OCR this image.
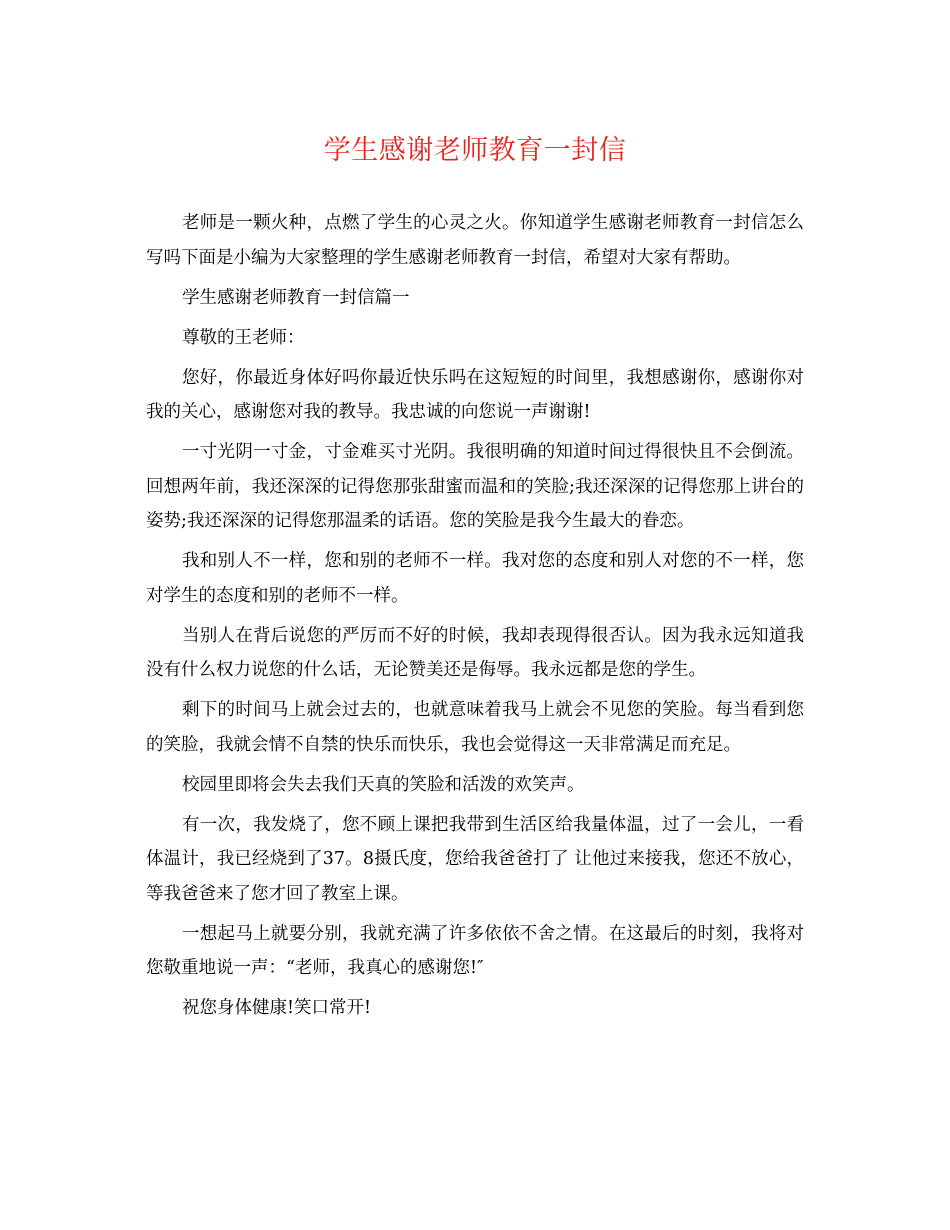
学生感谢老师教育一封信

老师是一颗火种，点燃了学生的心灵之火。你知道学生感谢老师教育一封信怎么写吗下面是小编为大家整理的学生感谢老师教育一封信，希望对大家有帮助。

学生感谢老师教育一封信篇一

尊敬的王老师：

您好，你最近身体好吗你最近快乐吗在这短短的时间里，我想感谢你，感谢你对我的关心，感谢您对我的教导。我忠诚的向您说一声谢谢!

一寸光阴一寸金，寸金难买寸光阴。我很明确的知道时间过得很快且不会倒流。回想两年前，我还深深的记得您那张甜蜜而温和的笑脸;我还深深的记得您那上讲台的姿势;我还深深的记得您那温柔的话语。您的笑脸是我今生最大的眷恋。

我和别人不一样，您和别的老师不一样。我对您的态度和别人对您的不一样，您对学生的态度和别的老师不一样。

当别人在背后说您的严厉而不好的时候，我却表现得很否认。因为我永远知道我没有什么权力说您的什么话，无论赞美还是侮辱。我永远都是您的学生。

剩下的时间马上就会过去的，也就意味着我马上就会不见您的笑脸。每当看到您的笑脸，我就会情不自禁的快乐而快乐，我也会觉得这一天非常满足而充足。

校园里即将会失去我们天真的笑脸和活泼的欢笑声。

有一次，我发烧了，您不顾上课把我带到生活区给我量体温，过了一会儿，一看体温计，我已经烧到了37。8摄氏度，您给我爸爸打了 让他过来接我，您还不放心，等我爸爸来了您才回了教室上课。

一想起马上就要分别，我就充满了许多依依不舍之情。在这最后的时刻，我将对您敬重地说一声：“老师，我真心的感谢您!″

祝您身体健康!笑口常开!
